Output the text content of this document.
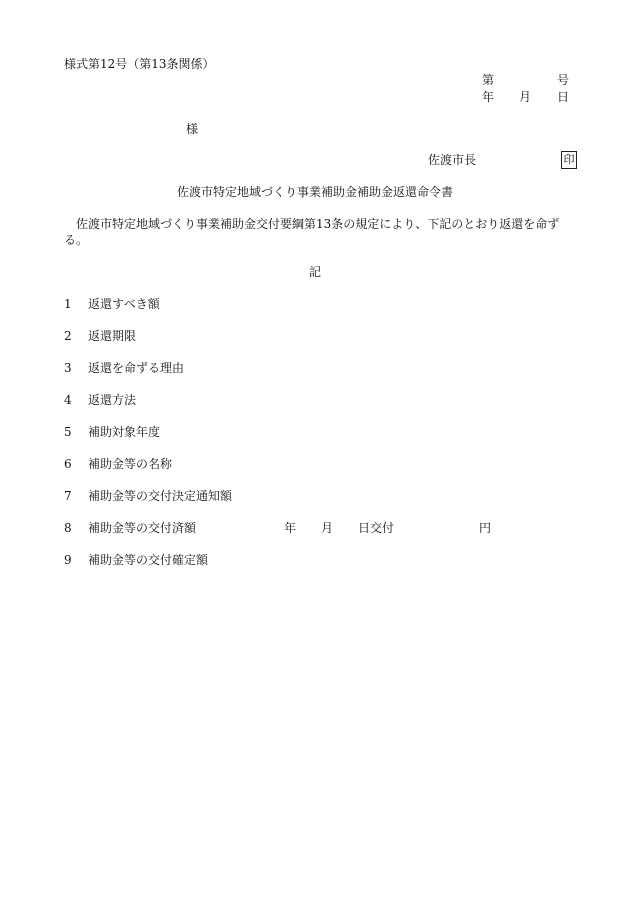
様式第12号（第13条関係）
第	号
年 月 日
様
佐渡市長	印
佐渡市特定地域づくり事業補助金補助金返還命令書
佐渡市特定地域づくり事業補助金交付要綱第13条の規定により、下記のとおり返還を命ずる。
記
1 返還すべき額
2 返還期限
3 返還を命ずる理由
4 返還方法
5 補助対象年度
6 補助金等の名称
7 補助金等の交付決定通知額
8 補助金等の交付済額	年 月 日交付	円
9 補助金等の交付確定額
